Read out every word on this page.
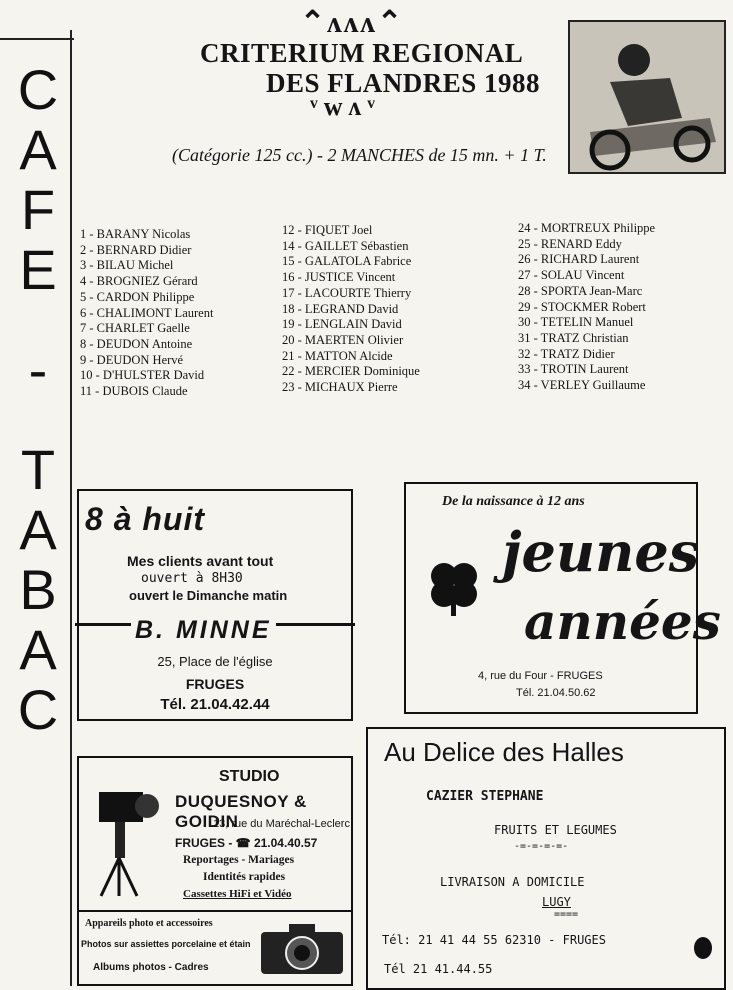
C
A
F
E
-
T
A
B
A
C
⌃ᴧᴧᴧ⌃
CRITERIUM REGIONAL
DES FLANDRES 1988
ᵛᴡᴧᵛ
(Catégorie 125 cc.) - 2 MANCHES de 15 mn. + 1 T.
1 - BARANY Nicolas
2 - BERNARD Didier
3 - BILAU Michel
4 - BROGNIEZ Gérard
5 - CARDON Philippe
6 - CHALIMONT Laurent
7 - CHARLET Gaelle
8 - DEUDON Antoine
9 - DEUDON Hervé
10 - D'HULSTER David
11 - DUBOIS Claude
12 - FIQUET Joel
14 - GAILLET Sébastien
15 - GALATOLA Fabrice
16 - JUSTICE Vincent
17 - LACOURTE Thierry
18 - LEGRAND David
19 - LENGLAIN David
20 - MAERTEN Olivier
21 - MATTON Alcide
22 - MERCIER Dominique
23 - MICHAUX Pierre
24 - MORTREUX Philippe
25 - RENARD Eddy
26 - RICHARD Laurent
27 - SOLAU Vincent
28 - SPORTA Jean-Marc
29 - STOCKMER Robert
30 - TETELIN Manuel
31 - TRATZ Christian
32 - TRATZ Didier
33 - TROTIN Laurent
34 - VERLEY Guillaume
8 à huit
Mes clients avant tout
ouvert à 8H30
ouvert le Dimanche matin
B. MINNE
25, Place de l'église
FRUGES
Tél. 21.04.42.44
De la naissance à 12 ans
jeunes
années
4, rue du Four - FRUGES
Tél. 21.04.50.62
STUDIO
DUQUESNOY & GOIDIN
13, rue du Maréchal-Leclerc
FRUGES - ☎ 21.04.40.57
Reportages - Mariages
Identités rapides
Cassettes HiFi et Vidéo
Appareils photo et accessoires
Photos sur assiettes porcelaine et étain
Albums photos - Cadres
Au Delice des Halles
CAZIER STEPHANE
FRUITS ET LEGUMES
-=-=-=-=-
LIVRAISON A DOMICILE
LUGY
====
Tél: 21 41 44 55 62310 - FRUGES
Tél 21 41.44.55
